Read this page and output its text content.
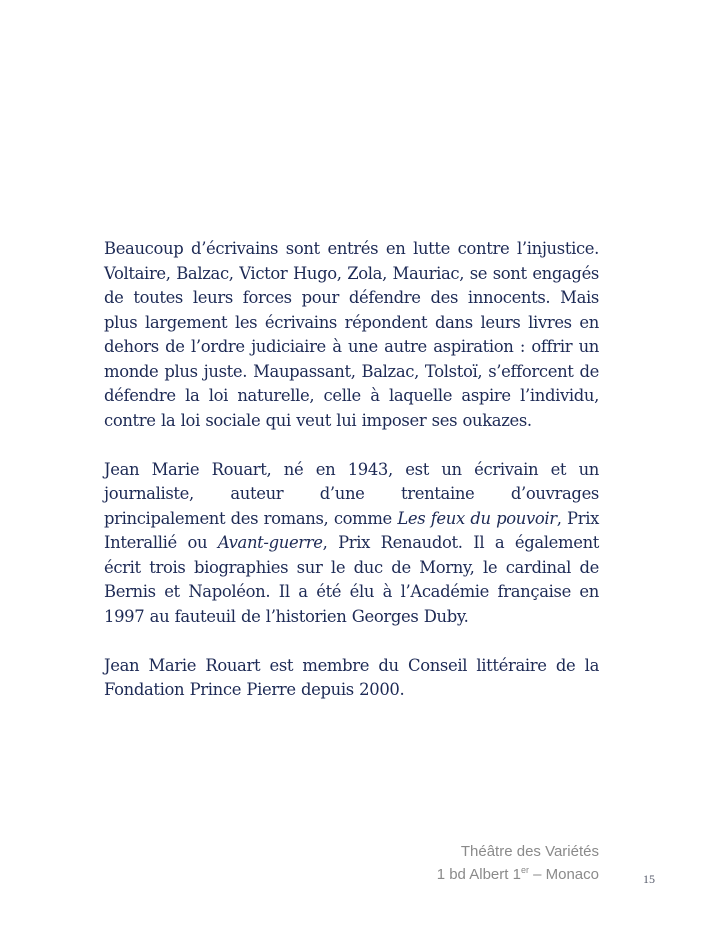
Beaucoup d’écrivains sont entrés en lutte contre l’injustice. Voltaire, Balzac, Victor Hugo, Zola, Mauriac, se sont engagés de toutes leurs forces pour défendre des innocents. Mais plus largement les écrivains répondent dans leurs livres en dehors de l’ordre judiciaire à une autre aspiration : offrir un monde plus juste. Maupassant, Balzac, Tolstoï, s’efforcent de défendre la loi naturelle, celle à laquelle aspire l’individu, contre la loi sociale qui veut lui imposer ses oukazes.

Jean Marie Rouart, né en 1943, est un écrivain et un journaliste, auteur d’une trentaine d’ouvrages principalement des romans, comme Les feux du pouvoir, Prix Interallié ou Avant-guerre, Prix Renaudot. Il a également écrit trois biographies sur le duc de Morny, le cardinal de Bernis et Napoléon. Il a été élu à l’Académie française en 1997 au fauteuil de l’historien Georges Duby.

Jean Marie Rouart est membre du Conseil littéraire de la Fondation Prince Pierre depuis 2000.

Théâtre des Variétés
1 bd Albert 1er – Monaco	15
